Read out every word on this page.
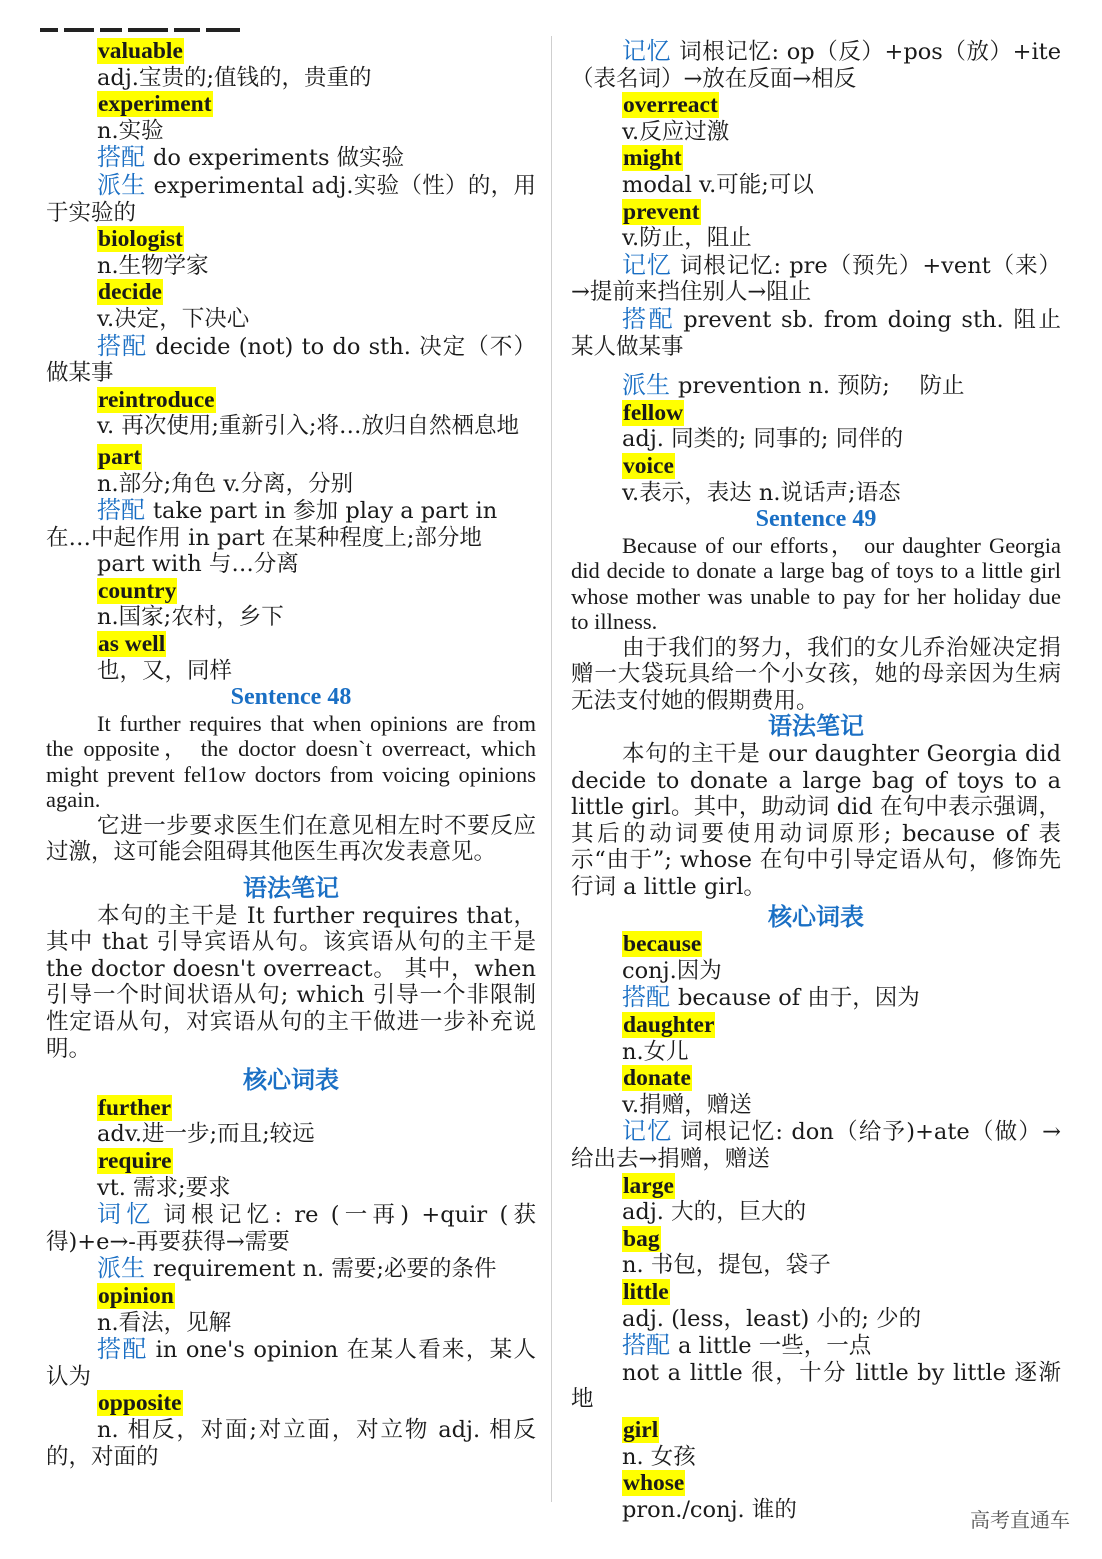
valuable
adj.宝贵的;值钱的，贵重的
experiment
n.实验
搭配 do experiments 做实验
派生 experimental adj.实验（性）的，用于实验的
biologist
n.生物学家
decide
v.决定，下决心
搭配 decide (not) to do sth. 决定（不）做某事
reintroduce
v. 再次使用;重新引入;将…放归自然栖息地
part
n.部分;角色 v.分离，分别
搭配 take part in 参加 play a part in 在…中起作用 in part 在某种程度上;部分地
part with 与…分离
country
n.国家;农村，乡下
as well
也，又，同样
Sentence 48
It further requires that when opinions are from the opposite， the doctor doesn`t overreact, which might prevent fel1ow doctors from voicing opinions again.
它进一步要求医生们在意见相左时不要反应过激，这可能会阻碍其他医生再次发表意见。
语法笔记
本句的主干是 It further requires that，其中 that 引导宾语从句。该宾语从句的主干是 the doctor doesn't overreact。 其中，when 引导一个时间状语从句; which 引导一个非限制性定语从句，对宾语从句的主干做进一步补充说明。
核心词表
further
adv.进一步;而且;较远
require
vt. 需求;要求
词忆 词根记忆: re (一再) +quir (获得)+e→-再要获得→需要
派生 requirement n. 需要;必要的条件
opinion
n.看法，见解
搭配 in one's opinion 在某人看来，某人认为
opposite
n. 相反，对面;对立面，对立物 adj. 相反的，对面的
记忆 词根记忆: op（反）+pos（放）+ite（表名词）→放在反面→相反
overreact
v.反应过激
might
modal v.可能;可以
prevent
v.防止，阻止
记忆 词根记忆: pre（预先）+vent（来）→提前来挡住别人→阻止
搭配 prevent sb. from doing sth. 阻止某人做某事
派生 prevention n. 预防;　 防止
fellow
adj. 同类的; 同事的; 同伴的
voice
v.表示，表达 n.说话声;语态
Sentence 49
Because of our efforts， our daughter Georgia did decide to donate a large bag of toys to a little girl whose mother was unable to pay for her holiday due to illness.
由于我们的努力，我们的女儿乔治娅决定捐赠一大袋玩具给一个小女孩，她的母亲因为生病无法支付她的假期费用。
语法笔记
本句的主干是 our daughter Georgia did decide to donate a large bag of toys to a little girl。其中，助动词 did 在句中表示强调，其后的动词要使用动词原形; because of 表示“由于”; whose 在句中引导定语从句，修饰先行词 a little girl。
核心词表
because
conj.因为
搭配 because of 由于，因为
daughter
n.女儿
donate
v.捐赠，赠送
记忆 词根记忆: don（给予)+ate（做）→给出去→捐赠，赠送
large
adj. 大的，巨大的
bag
n. 书包，提包，袋子
little
adj. (less，least) 小的; 少的
搭配 a little 一些，一点
not a little 很，十分 little by little 逐渐地
girl
n. 女孩
whose
pron./conj. 谁的	高考直通车
